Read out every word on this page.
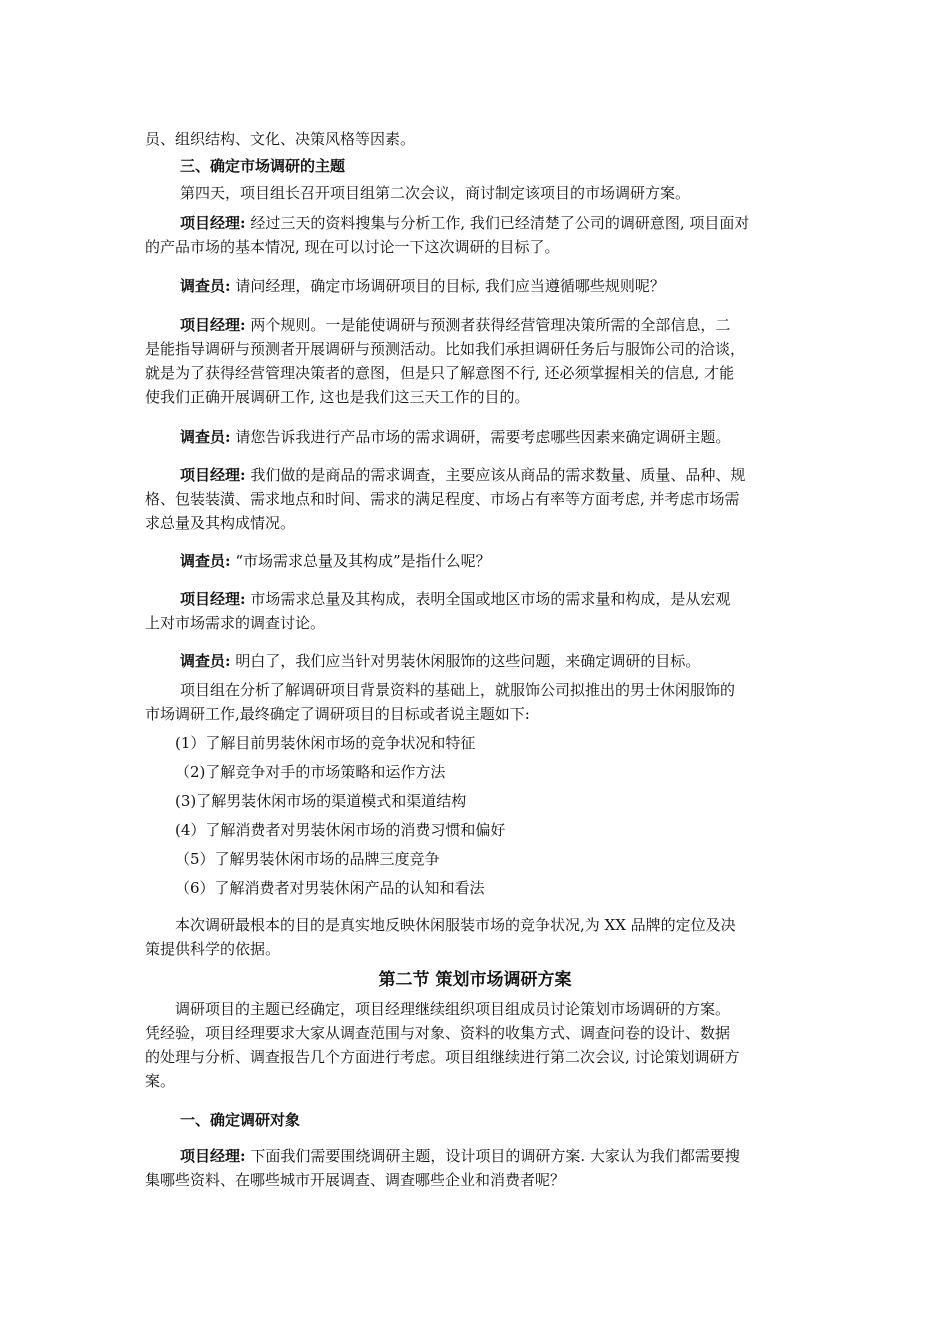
员、组织结构、文化、决策风格等因素。
三、确定市场调研的主题
第四天，项目组长召开项目组第二次会议，商讨制定该项目的市场调研方案。
项目经理: 经过三天的资料搜集与分析工作, 我们已经清楚了公司的调研意图, 项目面对
的产品市场的基本情况, 现在可以讨论一下这次调研的目标了。
调查员: 请问经理，确定市场调研项目的目标, 我们应当遵循哪些规则呢？
项目经理: 两个规则。一是能使调研与预测者获得经营管理决策所需的全部信息，二
是能指导调研与预测者开展调研与预测活动。比如我们承担调研任务后与服饰公司的洽谈，
就是为了获得经营管理决策者的意图，但是只了解意图不行, 还必须掌握相关的信息, 才能
使我们正确开展调研工作, 这也是我们这三天工作的目的。
调查员: 请您告诉我进行产品市场的需求调研，需要考虑哪些因素来确定调研主题。
项目经理: 我们做的是商品的需求调查，主要应该从商品的需求数量、质量、品种、规
格、包装装潢、需求地点和时间、需求的满足程度、市场占有率等方面考虑, 并考虑市场需
求总量及其构成情况。
调查员: “市场需求总量及其构成”是指什么呢？
项目经理: 市场需求总量及其构成，表明全国或地区市场的需求量和构成，是从宏观
上对市场需求的调查讨论。
调查员: 明白了，我们应当针对男装休闲服饰的这些问题，来确定调研的目标。
项目组在分析了解调研项目背景资料的基础上，就服饰公司拟推出的男士休闲服饰的
市场调研工作,最终确定了调研项目的目标或者说主题如下:
(1）了解目前男装休闲市场的竞争状况和特征
（2)了解竞争对手的市场策略和运作方法
(3)了解男装休闲市场的渠道模式和渠道结构
(4）了解消费者对男装休闲市场的消费习惯和偏好
（5）了解男装休闲市场的品牌三度竞争
（6）了解消费者对男装休闲产品的认知和看法
本次调研最根本的目的是真实地反映休闲服装市场的竞争状况,为 XX 品牌的定位及决
策提供科学的依据。
第二节 策划市场调研方案
调研项目的主题已经确定，项目经理继续组织项目组成员讨论策划市场调研的方案。
凭经验，项目经理要求大家从调查范围与对象、资料的收集方式、调查问卷的设计、数据
的处理与分析、调查报告几个方面进行考虑。项目组继续进行第二次会议, 讨论策划调研方
案。
一、确定调研对象
项目经理: 下面我们需要围绕调研主题，设计项目的调研方案. 大家认为我们都需要搜
集哪些资料、在哪些城市开展调查、调查哪些企业和消费者呢？
